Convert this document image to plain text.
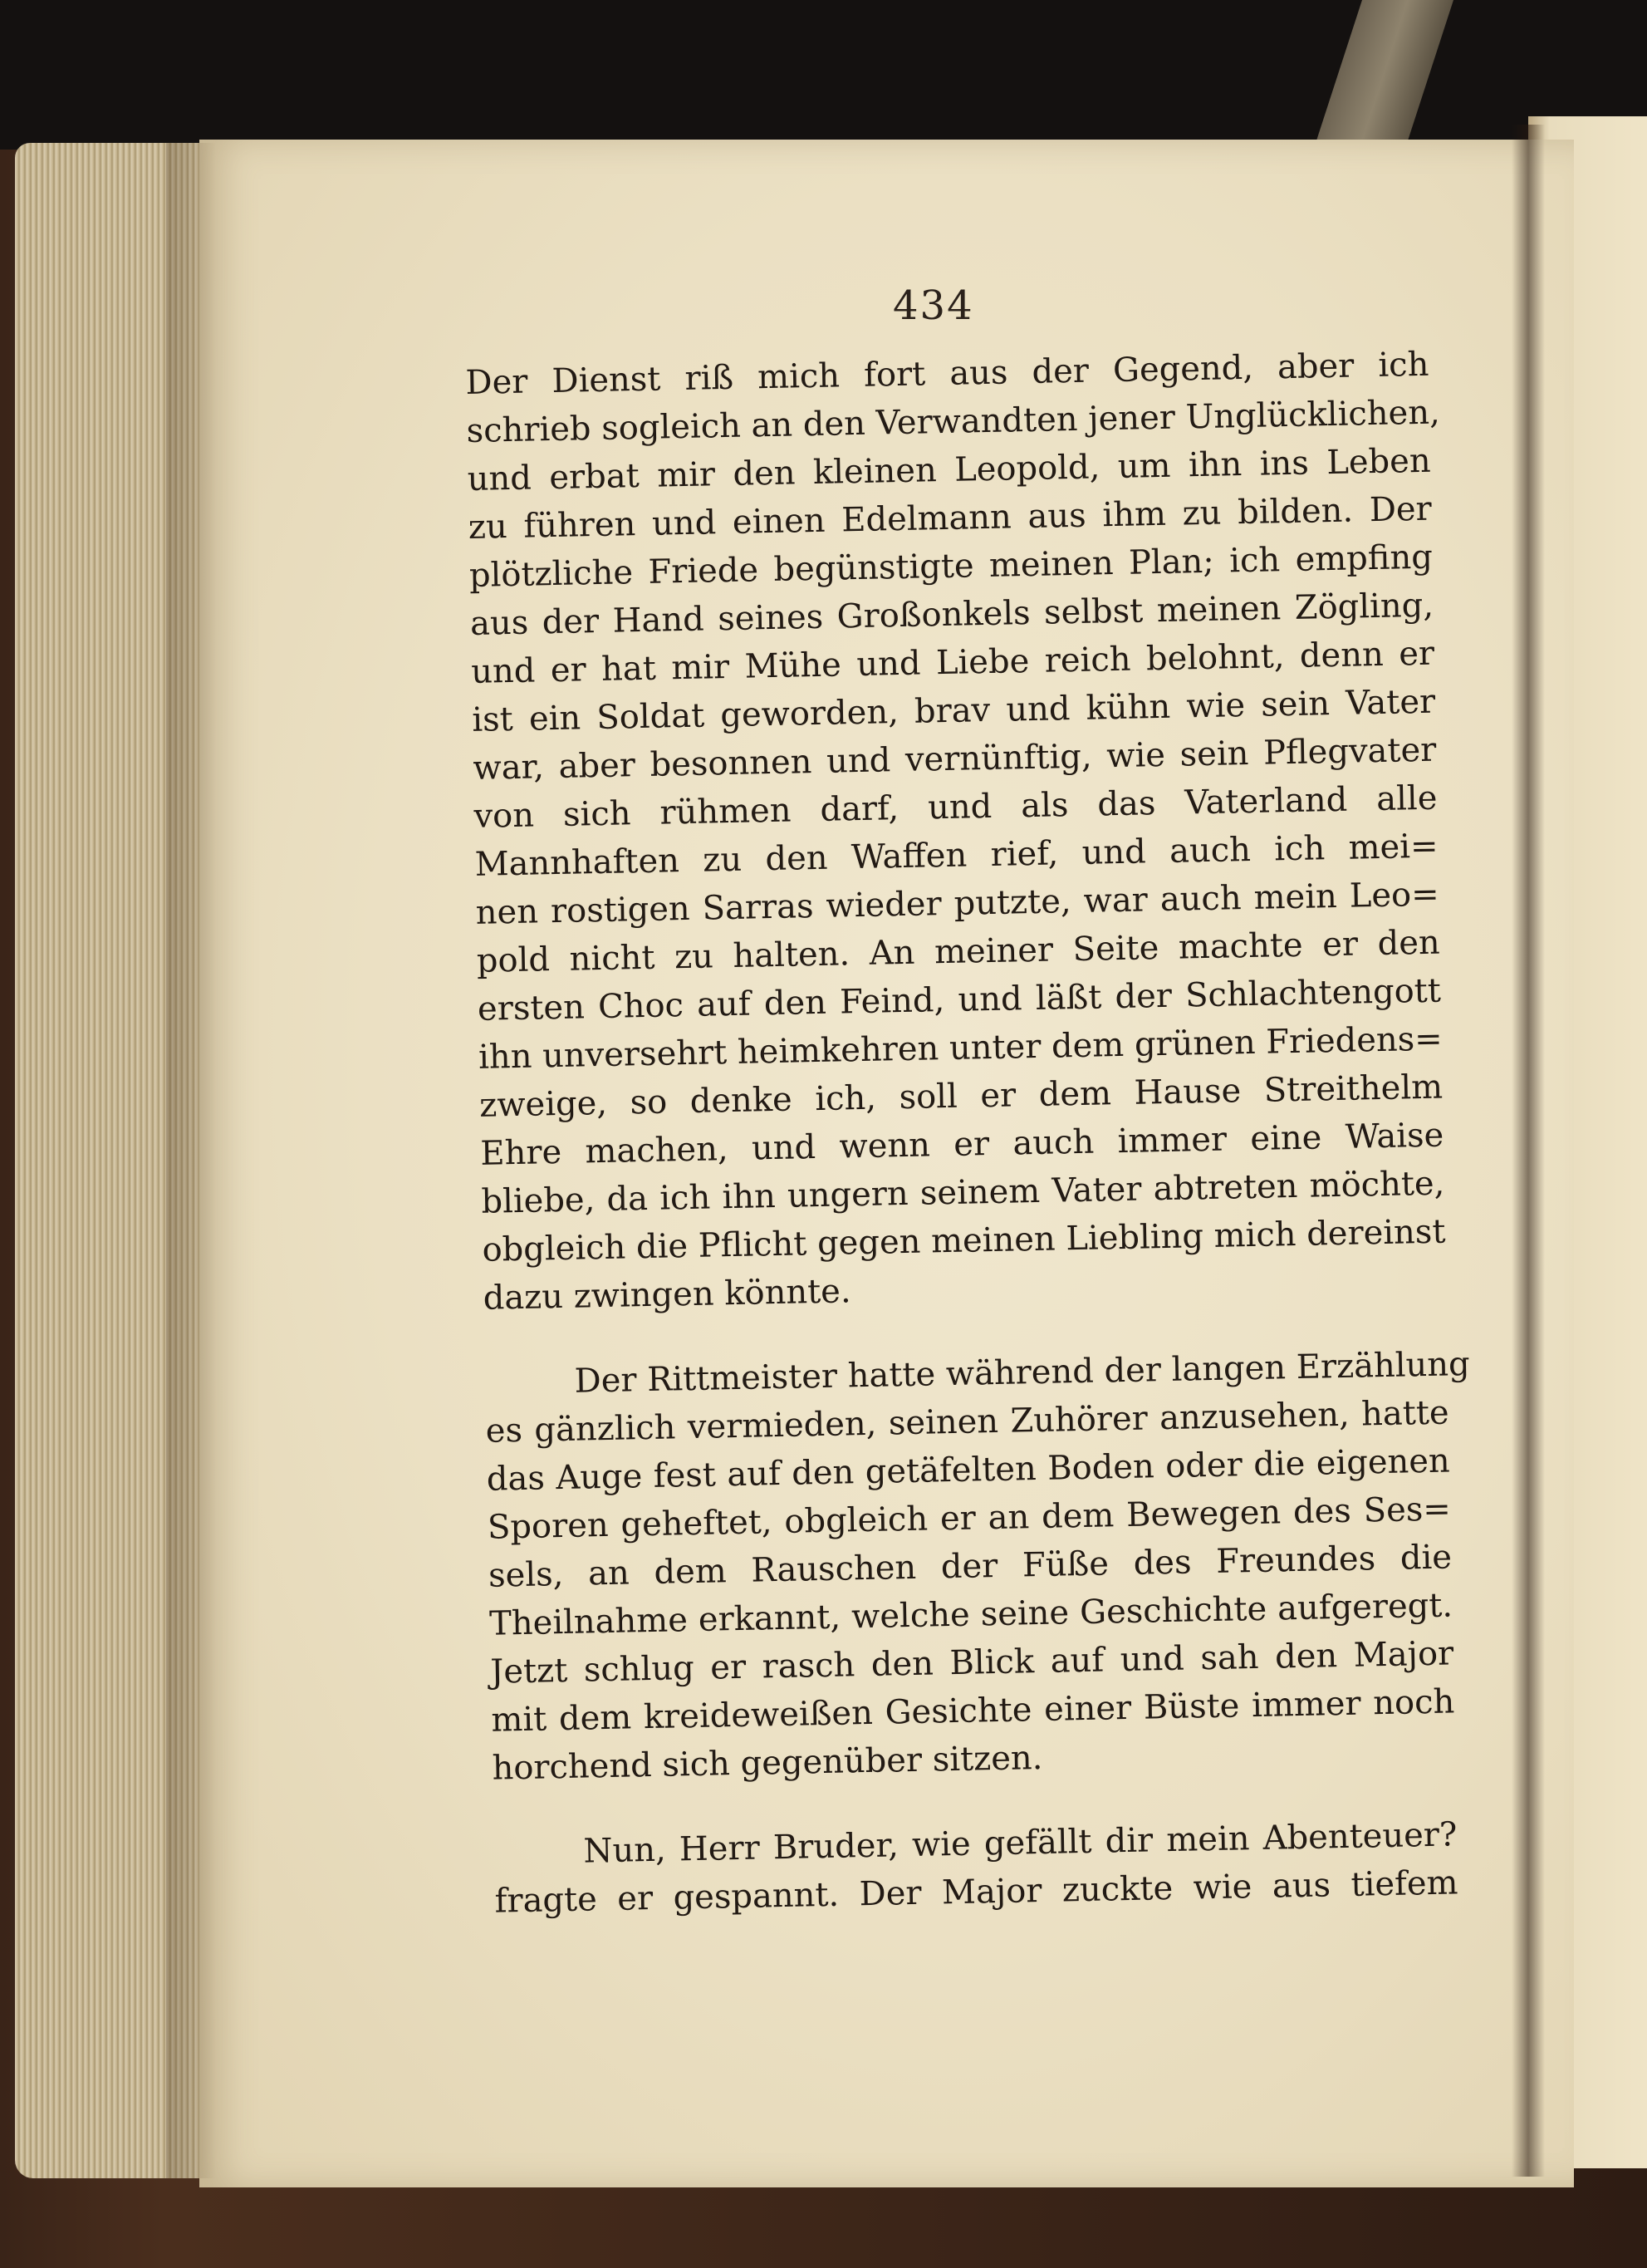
434
Der Dienst riß mich fort aus der Gegend, aber ich
schrieb sogleich an den Verwandten jener Unglücklichen,
und erbat mir den kleinen Leopold, um ihn ins Leben
zu führen und einen Edelmann aus ihm zu bilden. Der
plötzliche Friede begünstigte meinen Plan; ich empfing
aus der Hand seines Großonkels selbst meinen Zögling,
und er hat mir Mühe und Liebe reich belohnt, denn er
ist ein Soldat geworden, brav und kühn wie sein Vater
war, aber besonnen und vernünftig, wie sein Pflegvater
von sich rühmen darf, und als das Vaterland alle
Mannhaften zu den Waffen rief, und auch ich mei=
nen rostigen Sarras wieder putzte, war auch mein Leo=
pold nicht zu halten. An meiner Seite machte er den
ersten Choc auf den Feind, und läßt der Schlachtengott
ihn unversehrt heimkehren unter dem grünen Friedens=
zweige, so denke ich, soll er dem Hause Streithelm
Ehre machen, und wenn er auch immer eine Waise
bliebe, da ich ihn ungern seinem Vater abtreten möchte,
obgleich die Pflicht gegen meinen Liebling mich dereinst
dazu zwingen könnte.
Der Rittmeister hatte während der langen Erzählung
es gänzlich vermieden, seinen Zuhörer anzusehen, hatte
das Auge fest auf den getäfelten Boden oder die eigenen
Sporen geheftet, obgleich er an dem Bewegen des Ses=
sels, an dem Rauschen der Füße des Freundes die
Theilnahme erkannt, welche seine Geschichte aufgeregt.
Jetzt schlug er rasch den Blick auf und sah den Major
mit dem kreideweißen Gesichte einer Büste immer noch
horchend sich gegenüber sitzen.
Nun, Herr Bruder, wie gefällt dir mein Abenteuer?
fragte er gespannt. Der Major zuckte wie aus tiefem
